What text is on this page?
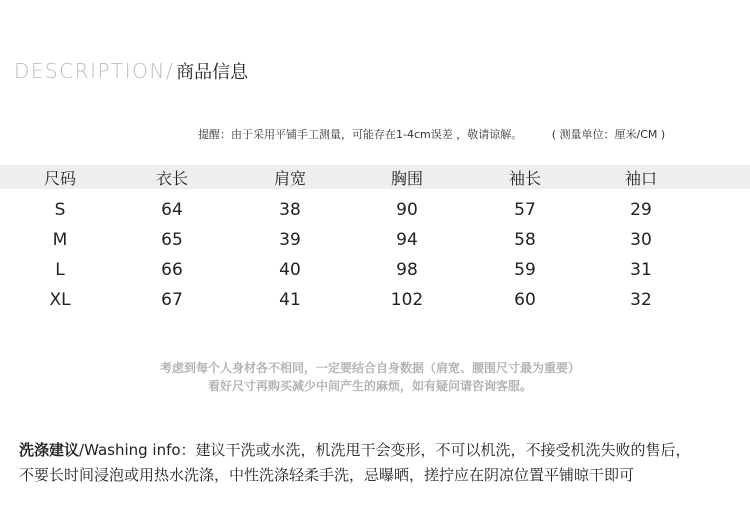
DESCRIPTION/ 商品信息
提醒：由于采用平铺手工测量，可能存在1-4cm误差 ，敬请谅解。	( 测量单位：厘米/CM )
尺码	衣长	肩宽	胸围	袖长	袖口
S	64	38	90	57	29
M	65	39	94	58	30
L	66	40	98	59	31
XL	67	41	102	60	32
考虑到每个人身材各不相同，一定要结合自身数据（肩宽、腰围尺寸最为重要）
看好尺寸再购买减少中间产生的麻烦，如有疑问请咨询客服。
洗涤建议/Washing info：建议干洗或水洗，机洗甩干会变形，不可以机洗，不接受机洗失败的售后，
不要长时间浸泡或用热水洗涤，中性洗涤轻柔手洗，忌曝晒，搓拧应在阴凉位置平铺晾干即可
